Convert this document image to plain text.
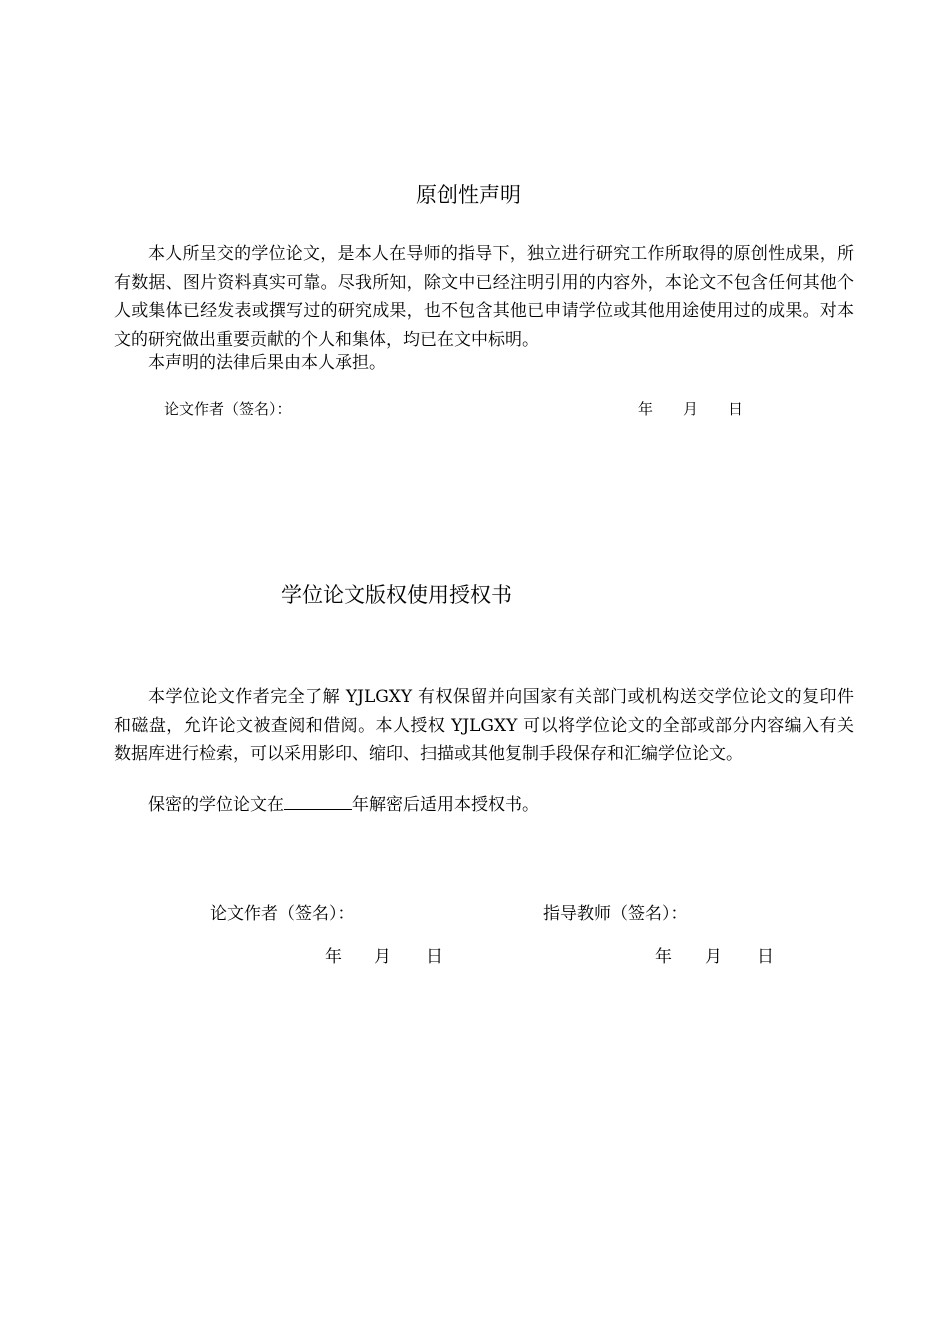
原创性声明
本人所呈交的学位论文，是本人在导师的指导下，独立进行研究工作所取得的原创性成果，所有数据、图片资料真实可靠。尽我所知，除文中已经注明引用的内容外，本论文不包含任何其他个人或集体已经发表或撰写过的研究成果，也不包含其他已申请学位或其他用途使用过的成果。对本文的研究做出重要贡献的个人和集体，均已在文中标明。
本声明的法律后果由本人承担。
论文作者（签名）：	年 月 日
学位论文版权使用授权书
本学位论文作者完全了解 YJLGXY 有权保留并向国家有关部门或机构送交学位论文的复印件和磁盘，允许论文被查阅和借阅。本人授权 YJLGXY 可以将学位论文的全部或部分内容编入有关数据库进行检索，可以采用影印、缩印、扫描或其他复制手段保存和汇编学位论文。
保密的学位论文在	年解密后适用本授权书。
论文作者（签名）：	指导教师（签名）：
年 月 日	年 月 日
